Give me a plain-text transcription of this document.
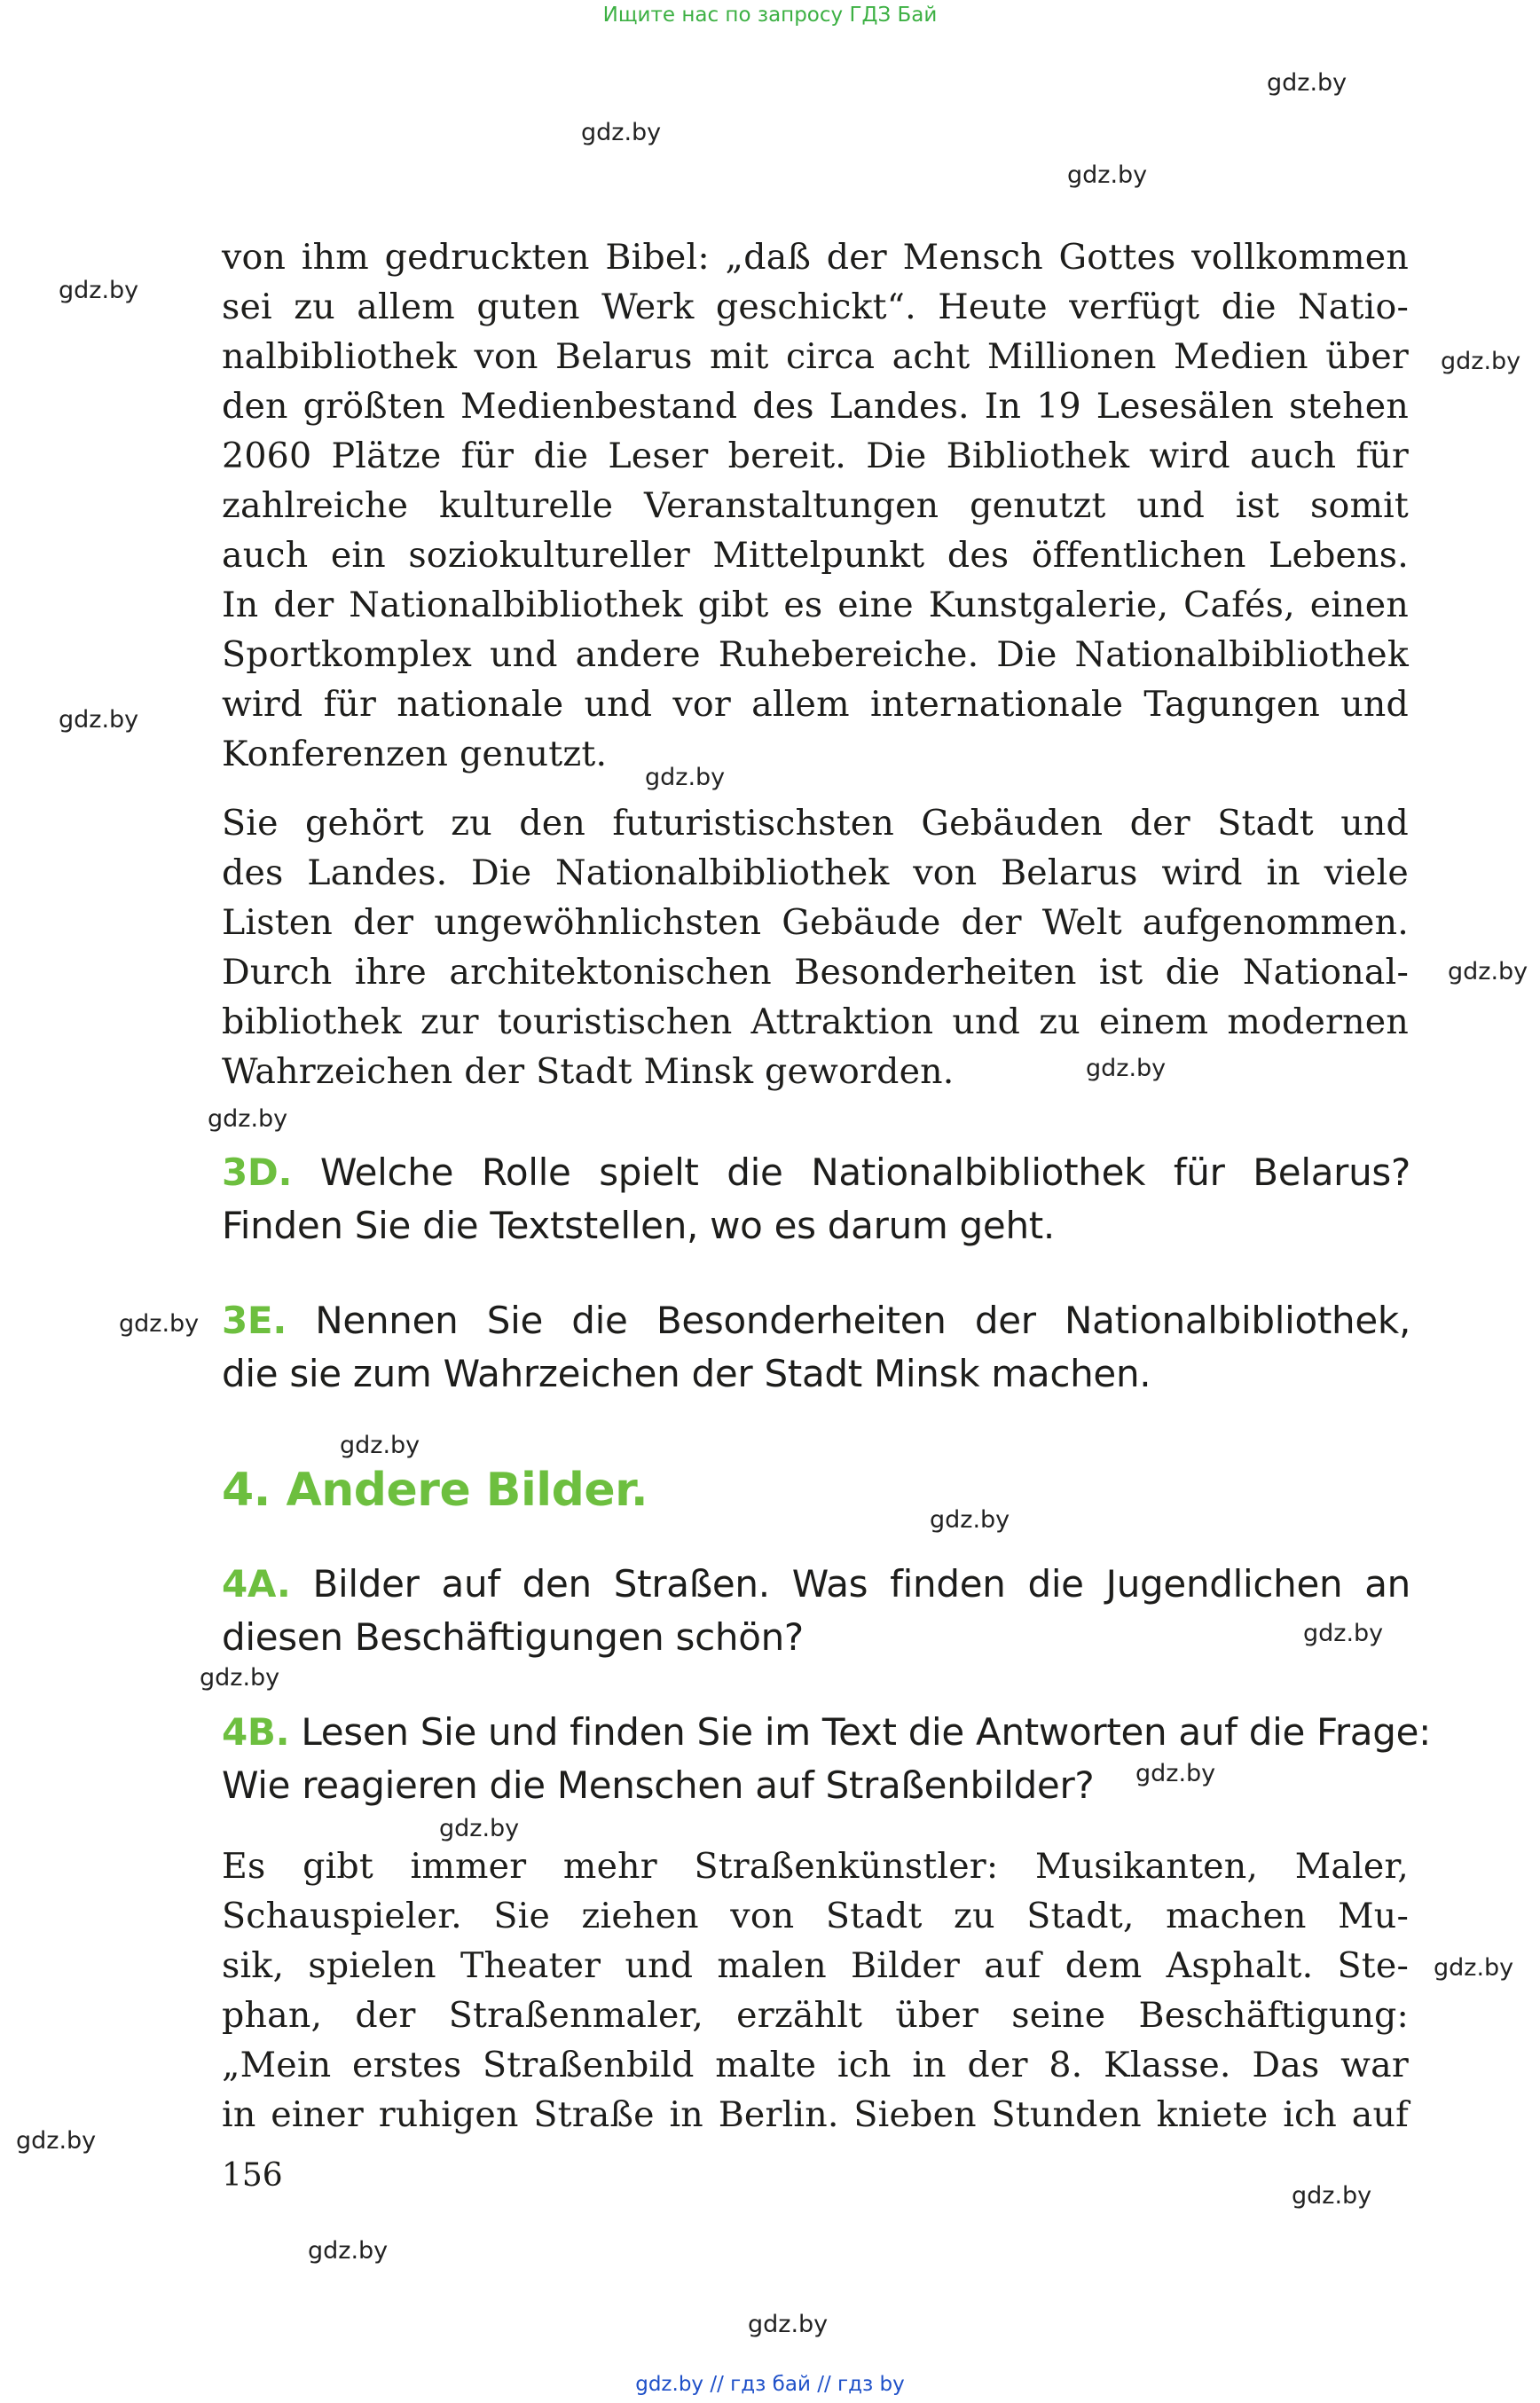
Ищите нас по запросу ГДЗ Бай
gdz.by
gdz.by
gdz.by
gdz.by
gdz.by
gdz.by
gdz.by
gdz.by
gdz.by
gdz.by
gdz.by
gdz.by
gdz.by
gdz.by
gdz.by
gdz.by
gdz.by
gdz.by
gdz.by
gdz.by
gdz.by
gdz.by
von ihm gedruckten Bibel: „daß der Mensch Gottes vollkommen
sei zu allem guten Werk geschickt“. Heute verfügt die Natio-
nalbibliothek von Belarus mit circa acht Millionen Medien über
den größten Medienbestand des Landes. In 19 Lesesälen stehen
2060 Plätze für die Leser bereit. Die Bibliothek wird auch für
zahlreiche kulturelle Veranstaltungen genutzt und ist somit
auch ein soziokultureller Mittelpunkt des öffentlichen Lebens.
In der Nationalbibliothek gibt es eine Kunstgalerie, Cafés, einen
Sportkomplex und andere Ruhebereiche. Die Nationalbibliothek
wird für nationale und vor allem internationale Tagungen und
Konferenzen genutzt.
Sie gehört zu den futuristischsten Gebäuden der Stadt und
des Landes. Die Nationalbibliothek von Belarus wird in viele
Listen der ungewöhnlichsten Gebäude der Welt aufgenommen.
Durch ihre architektonischen Besonderheiten ist die National-
bibliothek zur touristischen Attraktion und zu einem modernen
Wahrzeichen der Stadt Minsk geworden.
3D. Welche Rolle spielt die Nationalbibliothek für Belarus?
Finden Sie die Textstellen, wo es darum geht.
3E. Nennen Sie die Besonderheiten der Nationalbibliothek,
die sie zum Wahrzeichen der Stadt Minsk machen.
4. Andere Bilder.
4A. Bilder auf den Straßen. Was finden die Jugendlichen an
diesen Beschäftigungen schön?
4B. Lesen Sie und finden Sie im Text die Antworten auf die Frage:
Wie reagieren die Menschen auf Straßenbilder?
Es gibt immer mehr Straßenkünstler: Musikanten, Maler,
Schauspieler. Sie ziehen von Stadt zu Stadt, machen Mu-
sik, spielen Theater und malen Bilder auf dem Asphalt. Ste-
phan, der Straßenmaler, erzählt über seine Beschäftigung:
„Mein erstes Straßenbild malte ich in der 8. Klasse. Das war
in einer ruhigen Straße in Berlin. Sieben Stunden kniete ich auf
156
gdz.by // гдз бай // гдз by
